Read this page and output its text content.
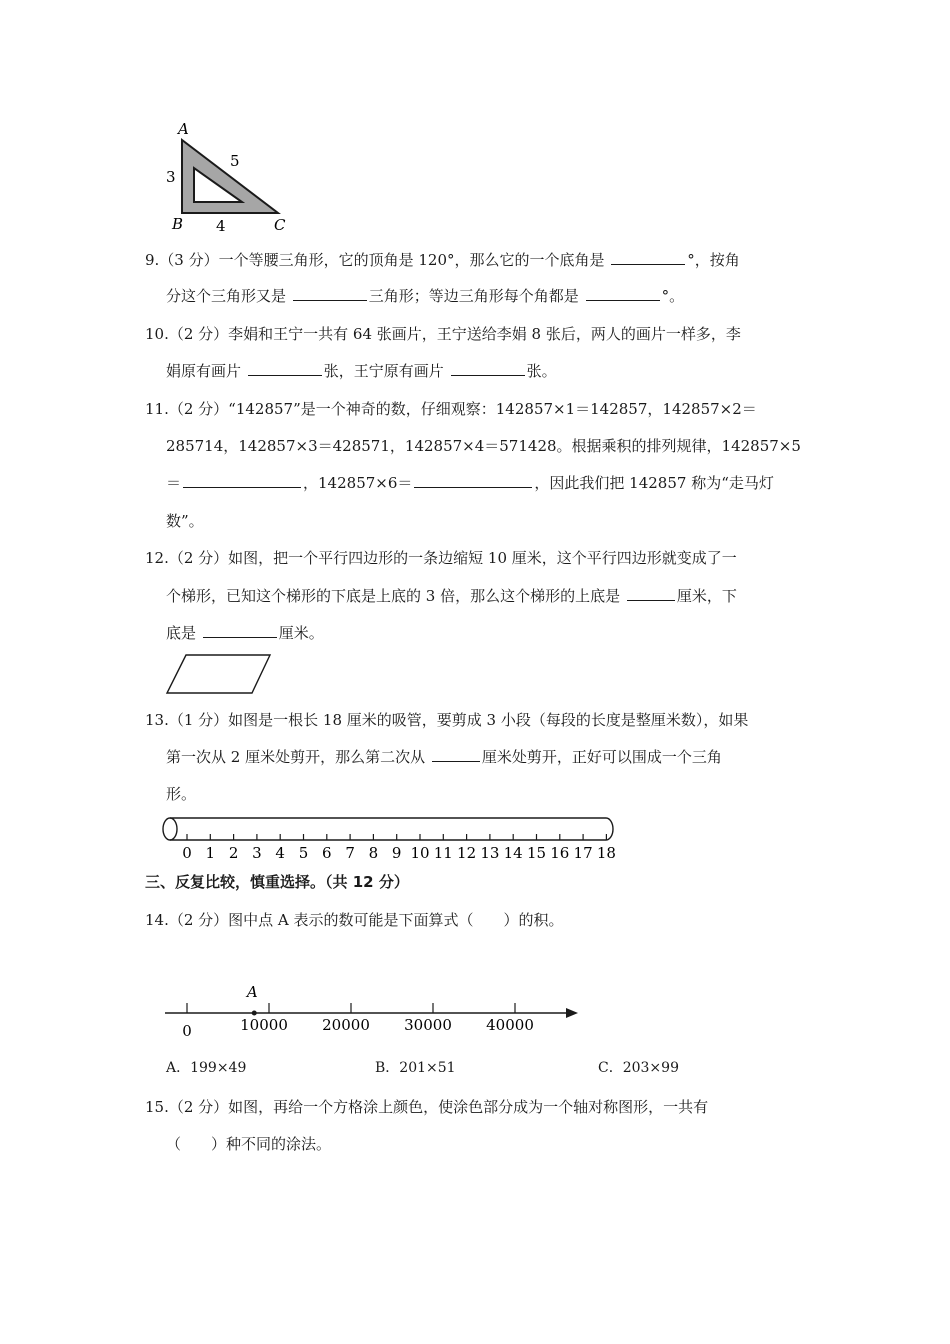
A
B	C
3
4
5
9.（3 分）一个等腰三角形，它的顶角是 120°，那么它的一个底角是	°，按角
分这个三角形又是	三角形；等边三角形每个角都是	°。
10.（2 分）李娟和王宁一共有 64 张画片，王宁送给李娟 8 张后，两人的画片一样多，李
娟原有画片	张，王宁原有画片	张。
11.（2 分）“142857”是一个神奇的数，仔细观察：142857×1＝142857，142857×2＝
285714，142857×3＝428571，142857×4＝571428。根据乘积的排列规律，142857×5
＝	，142857×6＝	，因此我们把 142857 称为“走马灯
数”。
12.（2 分）如图，把一个平行四边形的一条边缩短 10 厘米，这个平行四边形就变成了一
个梯形，已知这个梯形的下底是上底的 3 倍，那么这个梯形的上底是	厘米，下
底是	厘米。
13.（1 分）如图是一根长 18 厘米的吸管，要剪成 3 小段（每段的长度是整厘米数），如果
第一次从 2 厘米处剪开，那么第二次从	厘米处剪开，正好可以围成一个三角
形。
0 1 2 3 4 5 6 7 8 9 10 11 12 13 14 15 16 17 18
三、反复比较，慎重选择。（共 12 分）
14.（2 分）图中点 A 表示的数可能是下面算式（　　）的积。
0	10000 20000 30000 40000
A
A．199×49	B．201×51	C．203×99
15.（2 分）如图，再给一个方格涂上颜色，使涂色部分成为一个轴对称图形，一共有
（　　）种不同的涂法。
